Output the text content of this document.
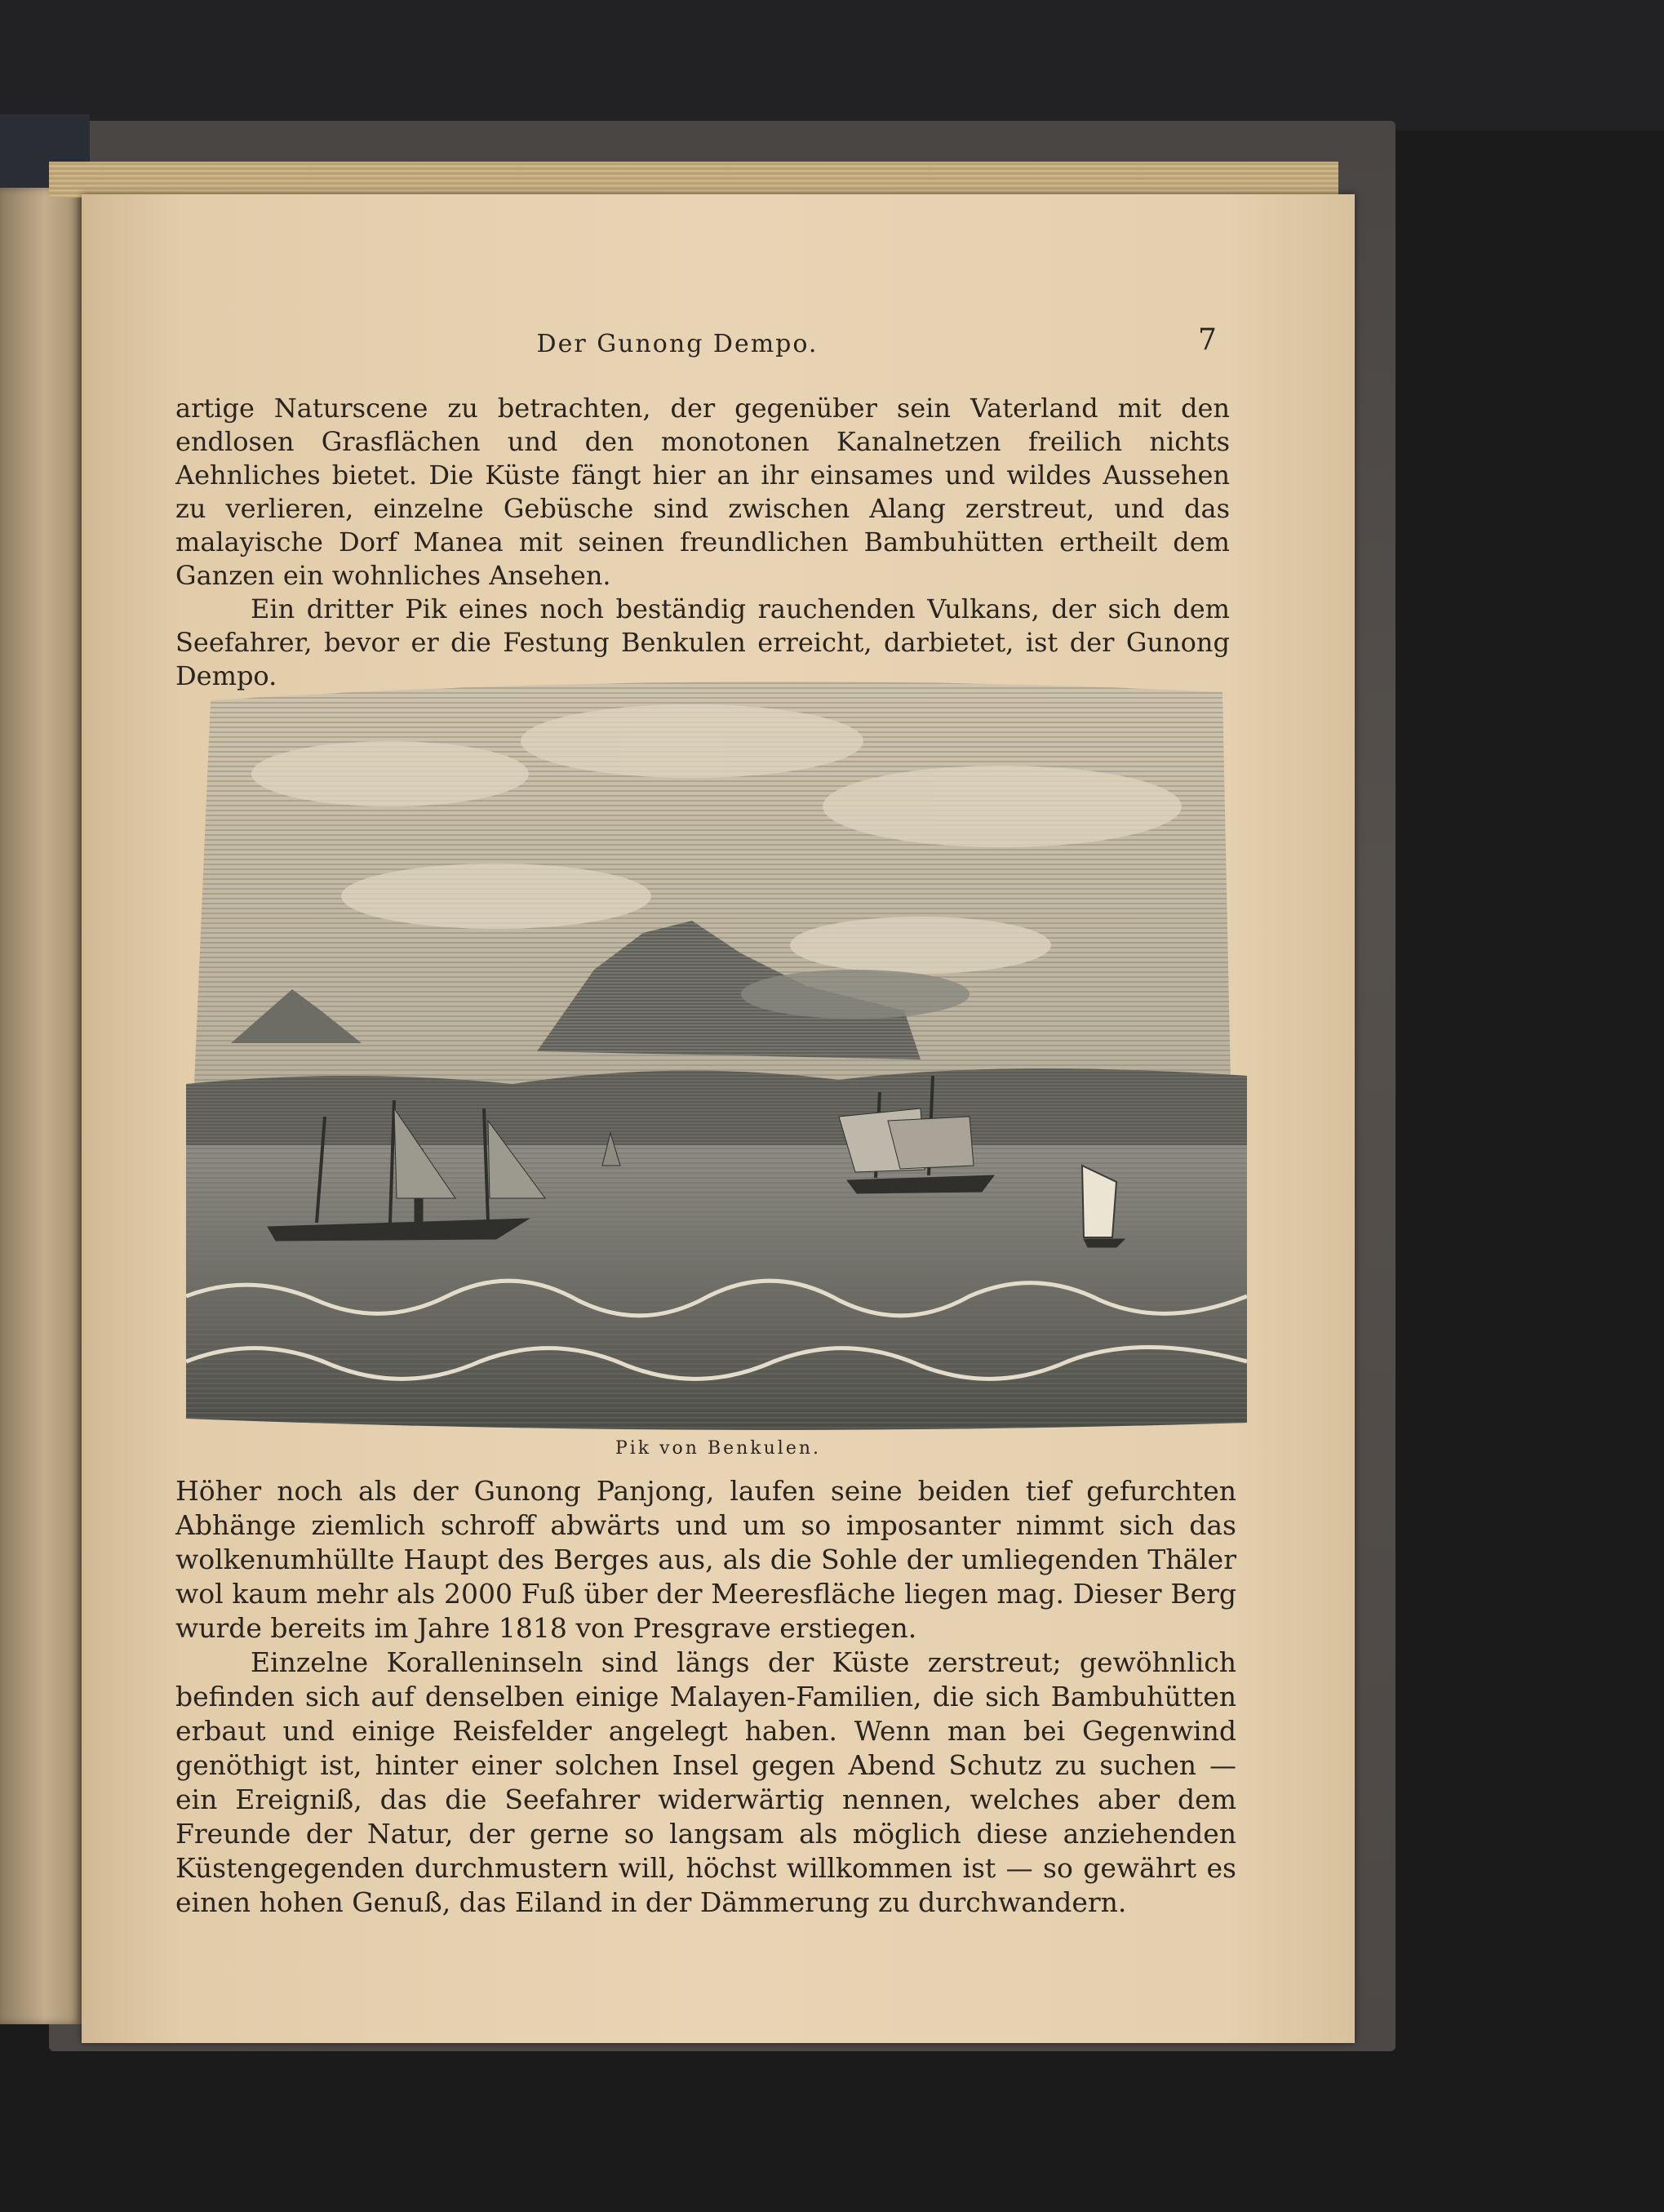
Der Gunong Dempo.	7

artige Naturscene zu betrachten, der gegenüber sein Vaterland mit den endlosen Grasflächen und den monotonen Kanalnetzen freilich nichts Aehnliches bietet. Die Küste fängt hier an ihr einsames und wildes Aussehen zu verlieren, einzelne Gebüsche sind zwischen Alang zerstreut, und das malayische Dorf Manea mit seinen freundlichen Bambuhütten ertheilt dem Ganzen ein wohnliches Ansehen.

Ein dritter Pik eines noch beständig rauchenden Vulkans, der sich dem Seefahrer, bevor er die Festung Benkulen erreicht, darbietet, ist der Gunong Dempo.

Pik von Benkulen.

Höher noch als der Gunong Panjong, laufen seine beiden tief gefurchten Abhänge ziemlich schroff abwärts und um so imposanter nimmt sich das wolkenumhüllte Haupt des Berges aus, als die Sohle der umliegenden Thäler wol kaum mehr als 2000 Fuß über der Meeresfläche liegen mag. Dieser Berg wurde bereits im Jahre 1818 von Presgrave erstiegen.

Einzelne Koralleninseln sind längs der Küste zerstreut; gewöhnlich befinden sich auf denselben einige Malayen-Familien, die sich Bambuhütten erbaut und einige Reisfelder angelegt haben. Wenn man bei Gegenwind genöthigt ist, hinter einer solchen Insel gegen Abend Schutz zu suchen — ein Ereigniß, das die Seefahrer widerwärtig nennen, welches aber dem Freunde der Natur, der gerne so langsam als möglich diese anziehenden Küstengegenden durchmustern will, höchst willkommen ist — so gewährt es einen hohen Genuß, das Eiland in der Dämmerung zu durchwandern.
